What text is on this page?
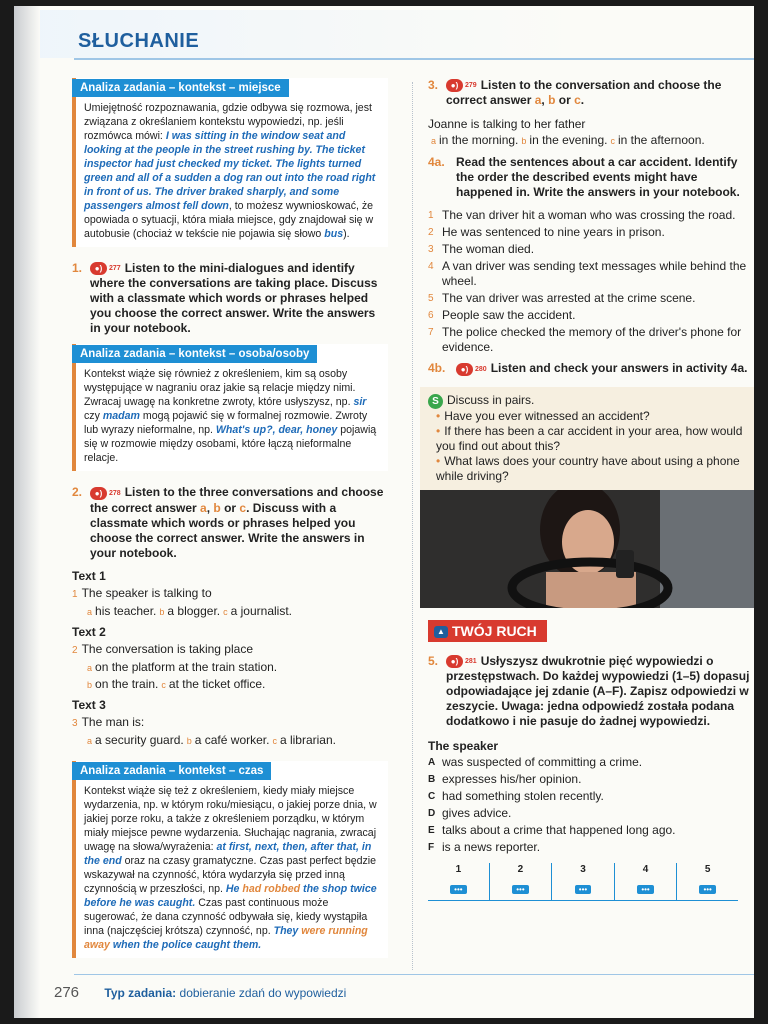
SŁUCHANIE
Analiza zadania – kontekst – miejsce
Umiejętność rozpoznawania, gdzie odbywa się rozmowa, jest związana z określaniem kontekstu wypowiedzi, np. jeśli rozmówca mówi: I was sitting in the window seat and looking at the people in the street rushing by. The ticket inspector had just checked my ticket. The lights turned green and all of a sudden a dog ran out into the road right in front of us. The driver braked sharply, and some passengers almost fell down, to możesz wywnioskować, że opowiada o sytuacji, która miała miejsce, gdy znajdował się w autobusie (chociaż w tekście nie pojawia się słowo bus).
1.	●) 277 Listen to the mini-dialogues and identify where the conversations are taking place. Discuss with a classmate which words or phrases helped you choose the correct answer. Write the answers in your notebook.
Analiza zadania – kontekst – osoba/osoby
Kontekst wiąże się również z określeniem, kim są osoby występujące w nagraniu oraz jakie są relacje między nimi. Zwracaj uwagę na konkretne zwroty, które usłyszysz, np. sir czy madam mogą pojawić się w formalnej rozmowie. Zwroty lub wyrazy nieformalne, np. What's up?, dear, honey pojawią się w rozmowie między osobami, które łączą nieformalne relacje.
2.	●) 278 Listen to the three conversations and choose the correct answer a, b or c. Discuss with a classmate which words or phrases helped you choose the correct answer. Write the answers in your notebook.
Text 1
1 The speaker is talking to
a his teacher. b a blogger. c a journalist.
Text 2
2 The conversation is taking place
a on the platform at the train station.
b on the train. c at the ticket office.
Text 3
3 The man is:
a a security guard. b a café worker. c a librarian.
Analiza zadania – kontekst – czas
Kontekst wiąże się też z określeniem, kiedy miały miejsce wydarzenia, np. w którym roku/miesiącu, o jakiej porze dnia, w jakiej porze roku, a także z określeniem porządku, w którym miały miejsce pewne wydarzenia. Słuchając nagrania, zwracaj uwagę na słowa/wyrażenia: at first, next, then, after that, in the end oraz na czasy gramatyczne. Czas past perfect będzie wskazywał na czynność, która wydarzyła się przed inną czynnością w przeszłości, np. He had robbed the shop twice before he was caught. Czas past continuous może sugerować, że dana czynność odbywała się, kiedy wystąpiła inna (najczęściej krótsza) czynność, np. They were running away when the police caught them.
3.	●) 279 Listen to the conversation and choose the correct answer a, b or c.
Joanne is talking to her father
a in the morning. b in the evening. c in the afternoon.
4a. Read the sentences about a car accident. Identify the order the described events might have happened in. Write the answers in your notebook.
1 The van driver hit a woman who was crossing the road.
2 He was sentenced to nine years in prison.
3 The woman died.
4 A van driver was sending text messages while behind the wheel.
5 The van driver was arrested at the crime scene.
6 People saw the accident.
7 The police checked the memory of the driver's phone for evidence.
4b.	●) 280 Listen and check your answers in activity 4a.
S Discuss in pairs.
• Have you ever witnessed an accident?
• If there has been a car accident in your area, how would you find out about this?
• What laws does your country have about using a phone while driving?
▲ TWÓJ RUCH
5.	●) 281 Usłyszysz dwukrotnie pięć wypowiedzi o przestępstwach. Do każdej wypowiedzi (1–5) dopasuj odpowiadające jej zdanie (A–F). Zapisz odpowiedzi w zeszycie. Uwaga: jedna odpowiedź została podana dodatkowo i nie pasuje do żadnej wypowiedzi.
The speaker
A was suspected of committing a crime.
B expresses his/her opinion.
C had something stolen recently.
D gives advice.
E talks about a crime that happened long ago.
F is a news reporter.
1	2	3	4	5
•••	•••	•••	•••	•••
276 Typ zadania: dobieranie zdań do wypowiedzi
